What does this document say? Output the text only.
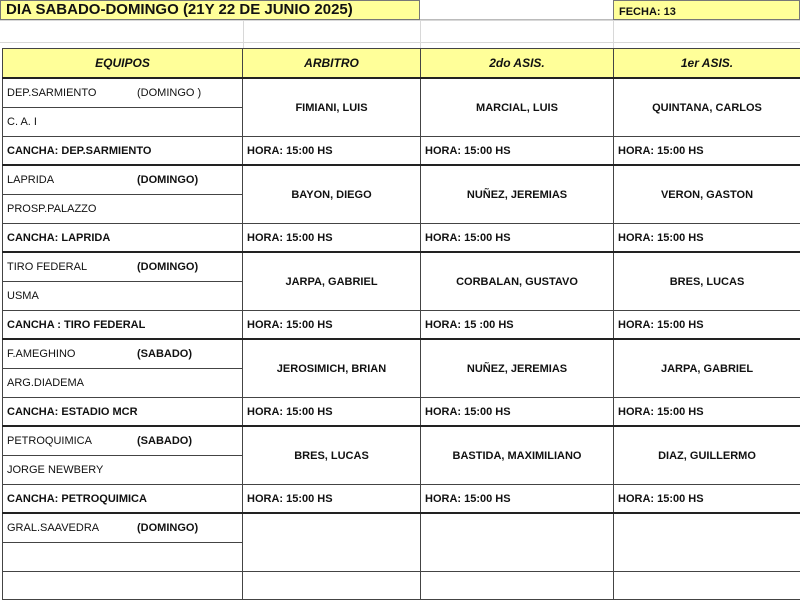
DIA SABADO-DOMINGO (21Y 22 DE JUNIO 2025)	FECHA: 13
EQUIPOS	ARBITRO	2do ASIS.	1er ASIS.
DEP.SARMIENTO (DOMINGO )	FIMIANI, LUIS	MARCIAL, LUIS	QUINTANA, CARLOS
C. A. I			
CANCHA: DEP.SARMIENTO	HORA: 15:00 HS	HORA: 15:00 HS	HORA: 15:00 HS
LAPRIDA (DOMINGO)	BAYON, DIEGO	NUÑEZ, JEREMIAS	VERON, GASTON
PROSP.PALAZZO			
CANCHA: LAPRIDA	HORA: 15:00 HS	HORA: 15:00 HS	HORA: 15:00 HS
TIRO FEDERAL (DOMINGO)	JARPA, GABRIEL	CORBALAN, GUSTAVO	BRES, LUCAS
USMA			
CANCHA : TIRO FEDERAL	HORA: 15:00 HS	HORA: 15 :00 HS	HORA: 15:00 HS
F.AMEGHINO (SABADO)	JEROSIMICH, BRIAN	NUÑEZ, JEREMIAS	JARPA, GABRIEL
ARG.DIADEMA			
CANCHA: ESTADIO MCR	HORA: 15:00 HS	HORA: 15:00 HS	HORA: 15:00 HS
PETROQUIMICA (SABADO)	BRES, LUCAS	BASTIDA, MAXIMILIANO	DIAZ, GUILLERMO
JORGE NEWBERY			
CANCHA: PETROQUIMICA	HORA: 15:00 HS	HORA: 15:00 HS	HORA: 15:00 HS
GRAL.SAAVEDRA (DOMINGO)			
